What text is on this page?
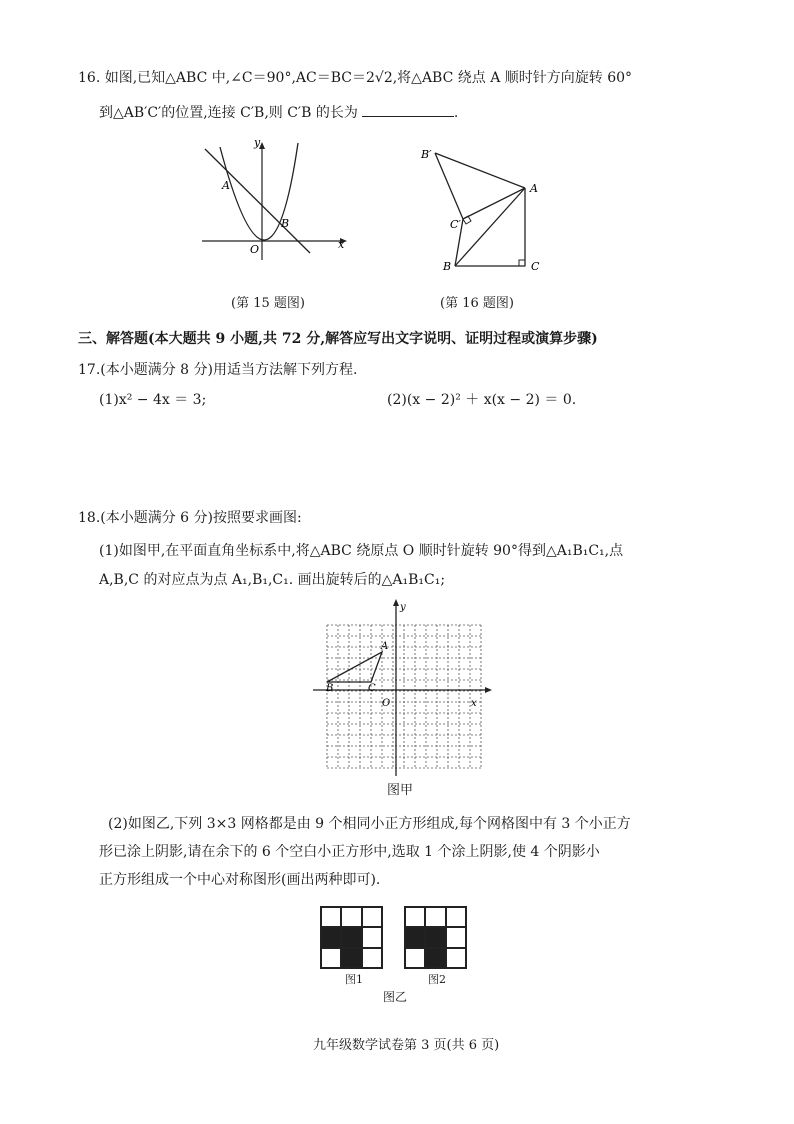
16. 如图,已知△ABC 中,∠C＝90°,AC＝BC＝2√2,将△ABC 绕点 A 顺时针方向旋转 60°
到△AB′C′的位置,连接 C′B,则 C′B 的长为	.
y
x
O
A
B
(第 15 题图)
B′
A
C′
B	C
(第 16 题图)
三、解答题(本大题共 9 小题,共 72 分,解答应写出文字说明、证明过程或演算步骤)
17.(本小题满分 8 分)用适当方法解下列方程.
(1)x² − 4x ＝ 3;	(2)(x − 2)² ＋ x(x − 2) ＝ 0.
18.(本小题满分 6 分)按照要求画图:
(1)如图甲,在平面直角坐标系中,将△ABC 绕原点 O 顺时针旋转 90°得到△A₁B₁C₁,点
A,B,C 的对应点为点 A₁,B₁,C₁. 画出旋转后的△A₁B₁C₁;
y
x
O
A
B	C
图甲
(2)如图乙,下列 3×3 网格都是由 9 个相同小正方形组成,每个网格图中有 3 个小正方
形已涂上阴影,请在余下的 6 个空白小正方形中,选取 1 个涂上阴影,使 4 个阴影小
正方形组成一个中心对称图形(画出两种即可).
图1	图2
图乙
九年级数学试卷第 3 页(共 6 页)
